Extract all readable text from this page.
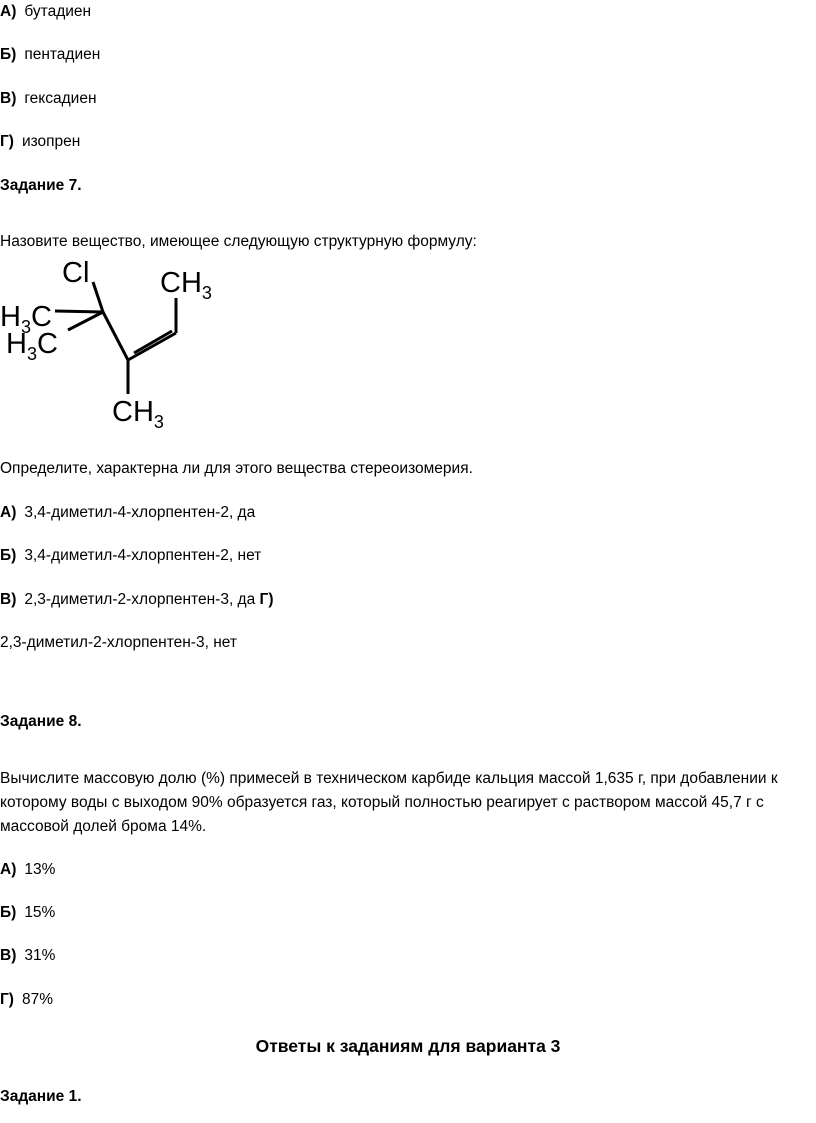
А) бутадиен
Б) пентадиен
В) гексадиен
Г) изопрен
Задание 7.
Назовите вещество, имеющее следующую структурную формулу:
Cl $CH_3$
$H_3C$
$H_3C$
$CH_3$
Определите, характерна ли для этого вещества стереоизомерия.
А) 3,4-диметил-4-хлорпентен-2, да
Б) 3,4-диметил-4-хлорпентен-2, нет
В) 2,3-диметил-2-хлорпентен-3, да Г)
2,3-диметил-2-хлорпентен-3, нет
Задание 8.
Вычислите массовую долю (%) примесей в техническом карбиде кальция массой 1,635 г, при добавлении к которому воды с выходом 90% образуется газ, который полностью реагирует с раствором массой 45,7 г с массовой долей брома 14%.
А) 13%
Б) 15%
В) 31%
Г) 87%
Ответы к заданиям для варианта 3
Задание 1.
